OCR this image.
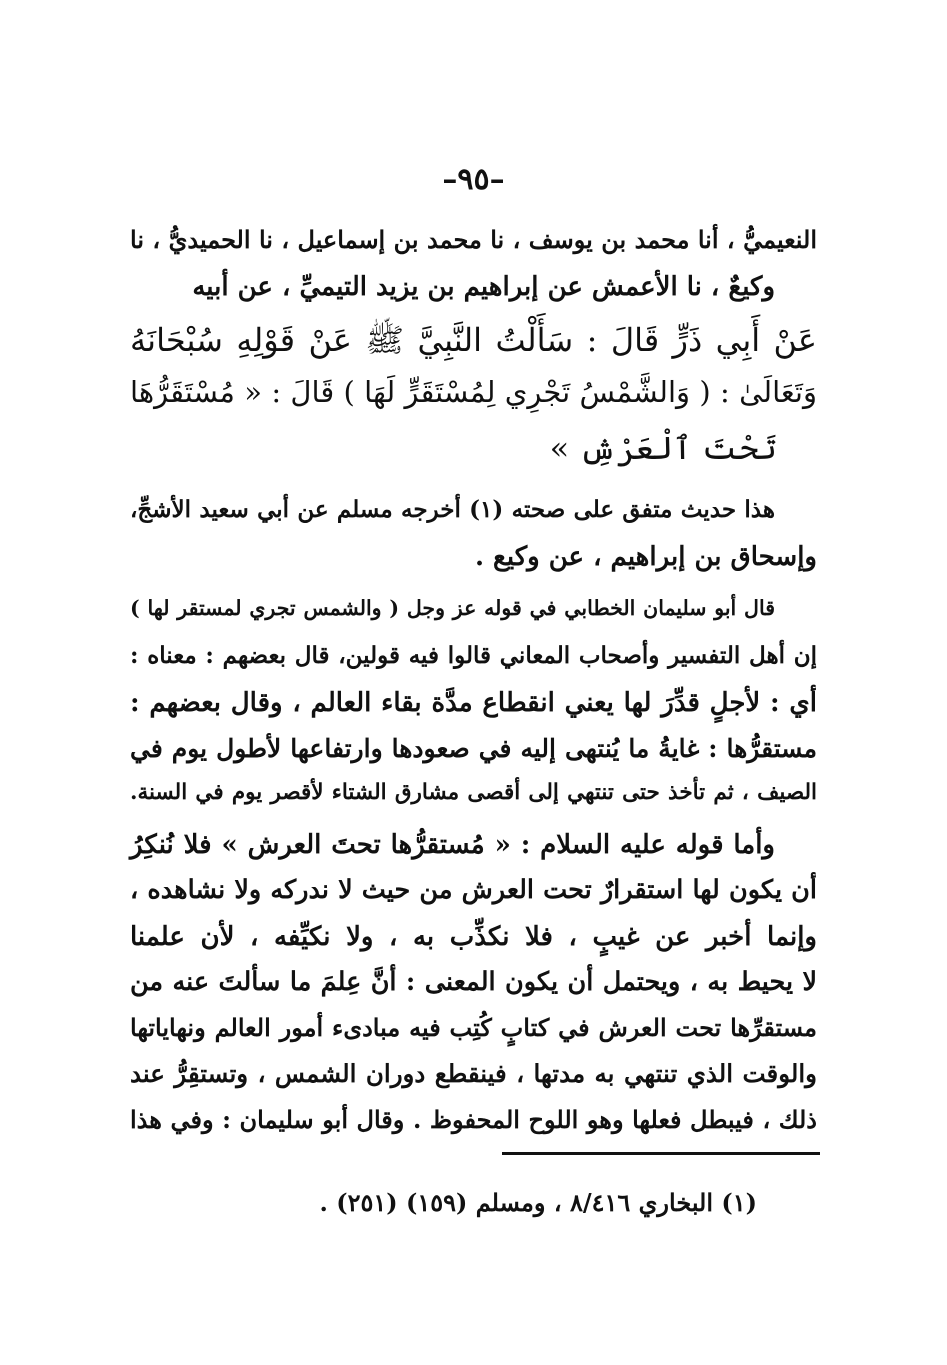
–٩٥–
النعيميُّ ، أنا محمد بن يوسف ، نا محمد بن إسماعيل ، نا الحميديُّ ، نا
وكيعٌ ، نا الأعمش عن إبراهيم بن يزيد التيميِّ ، عن أبيه
عَنْ أَبِي ذَرٍّ قَالَ : سَأَلْتُ النَّبِيَّ ﷺ عَنْ قَوْلِهِ سُبْحَانَهُ
وَتَعَالَىٰ : ( وَالشَّمْسُ تَجْرِي لِمُسْتَقَرٍّ لَهَا ) قَالَ : « مُسْتَقَرُّهَا
تَحْتَ ٱلْعَرْشِ »
هذا حديث متفق على صحته (١) أخرجه مسلم عن أبي سعيد الأشجِّ،
وإسحاق بن إبراهيم ، عن وكيع .
قال أبو سليمان الخطابي في قوله عز وجل ( والشمس تجري لمستقر لها )
إن أهل التفسير وأصحاب المعاني قالوا فيه قولين، قال بعضهم : معناه :
أي : لأجلٍ قدِّرَ لها يعني انقطاع مدَّة بقاء العالم ، وقال بعضهم :
مستقرُّها : غايةُ ما يُنتهى إليه في صعودها وارتفاعها لأطول يوم في
الصيف ، ثم تأخذ حتى تنتهي إلى أقصى مشارق الشتاء لأقصر يوم في السنة.
وأما قوله عليه السلام : « مُستقرُّها تحتَ العرش » فلا نُنكِرُ
أن يكون لها استقرارٌ تحت العرش من حيث لا ندركه ولا نشاهده ،
وإنما أخبر عن غيبٍ ، فلا نكذِّب به ، ولا نكيِّفه ، لأن علمنا
لا يحيط به ، ويحتمل أن يكون المعنى : أنَّ عِلمَ ما سألتَ عنه من
مستقرِّها تحت العرش في كتابٍ كُتِب فيه مبادىء أمور العالم ونهاياتها
والوقت الذي تنتهي به مدتها ، فينقطع دوران الشمس ، وتستقِرُّ عند
ذلك ، فيبطل فعلها وهو اللوح المحفوظ . وقال أبو سليمان : وفي هذا
(١) البخاري ٨/٤١٦ ، ومسلم (١٥٩) (٢٥١) .
